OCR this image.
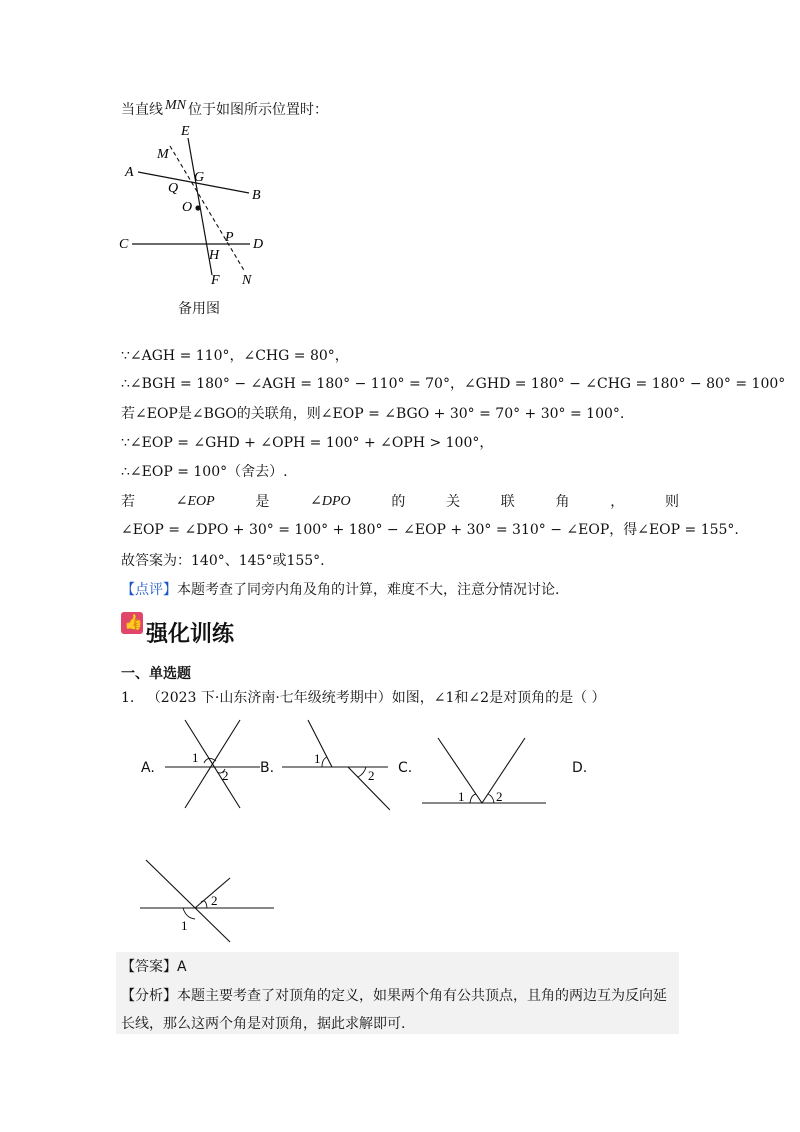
当直线 MN 位于如图所示位置时：
E
M
A	G
B
Q
O
C	P D
H
F N
备用图
∵∠AGH = 110°，∠CHG = 80°，
∴∠BGH = 180° − ∠AGH = 180° − 110° = 70°，∠GHD = 180° − ∠CHG = 180° − 80° = 100°
若∠EOP是∠BGO的关联角，则∠EOP = ∠BGO + 30° = 70° + 30° = 100°.
∵∠EOP = ∠GHD + ∠OPH = 100° + ∠OPH > 100°，
∴∠EOP = 100°（舍去）.
若	∠EOP	是	∠DPO	的	关	联	角	，	则
∠EOP = ∠DPO + 30° = 100° + 180° − ∠EOP + 30° = 310° − ∠EOP，得∠EOP = 155°.
故答案为：140°、145°或155°.
【点评】本题考查了同旁内角及角的计算，难度不大，注意分情况讨论.
👍 强化训练
一、单选题
1. （2023 下·山东济南·七年级统考期中）如图，∠1和∠2是对顶角的是（ ）
A.
1
2 B.
1
2 C.
1 2
D.
1
2
【答案】A
【分析】本题主要考查了对顶角的定义，如果两个角有公共顶点，且角的两边互为反向延
长线，那么这两个角是对顶角，据此求解即可.
